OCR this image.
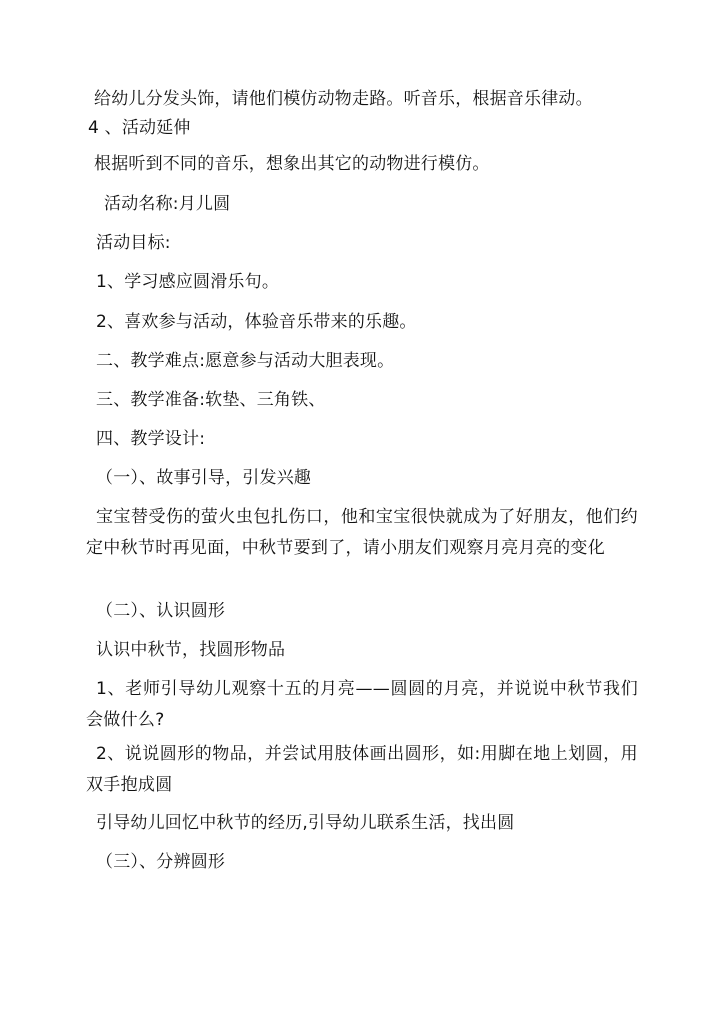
给幼儿分发头饰，请他们模仿动物走路。听音乐，根据音乐律动。
4 、活动延伸
根据听到不同的音乐，想象出其它的动物进行模仿。
活动名称:月儿圆
活动目标:
1、学习感应圆滑乐句。
2、喜欢参与活动，体验音乐带来的乐趣。
二、教学难点:愿意参与活动大胆表现。
三、教学准备:软垫、三角铁、
四、教学设计:
（一）、故事引导，引发兴趣
宝宝替受伤的萤火虫包扎伤口，他和宝宝很快就成为了好朋友，他们约定中秋节时再见面，中秋节要到了，请小朋友们观察月亮月亮的变化
（二）、认识圆形
认识中秋节，找圆形物品
1、老师引导幼儿观察十五的月亮——圆圆的月亮，并说说中秋节我们会做什么?
2、说说圆形的物品，并尝试用肢体画出圆形，如:用脚在地上划圆，用双手抱成圆
引导幼儿回忆中秋节的经历,引导幼儿联系生活，找出圆
（三）、分辨圆形
